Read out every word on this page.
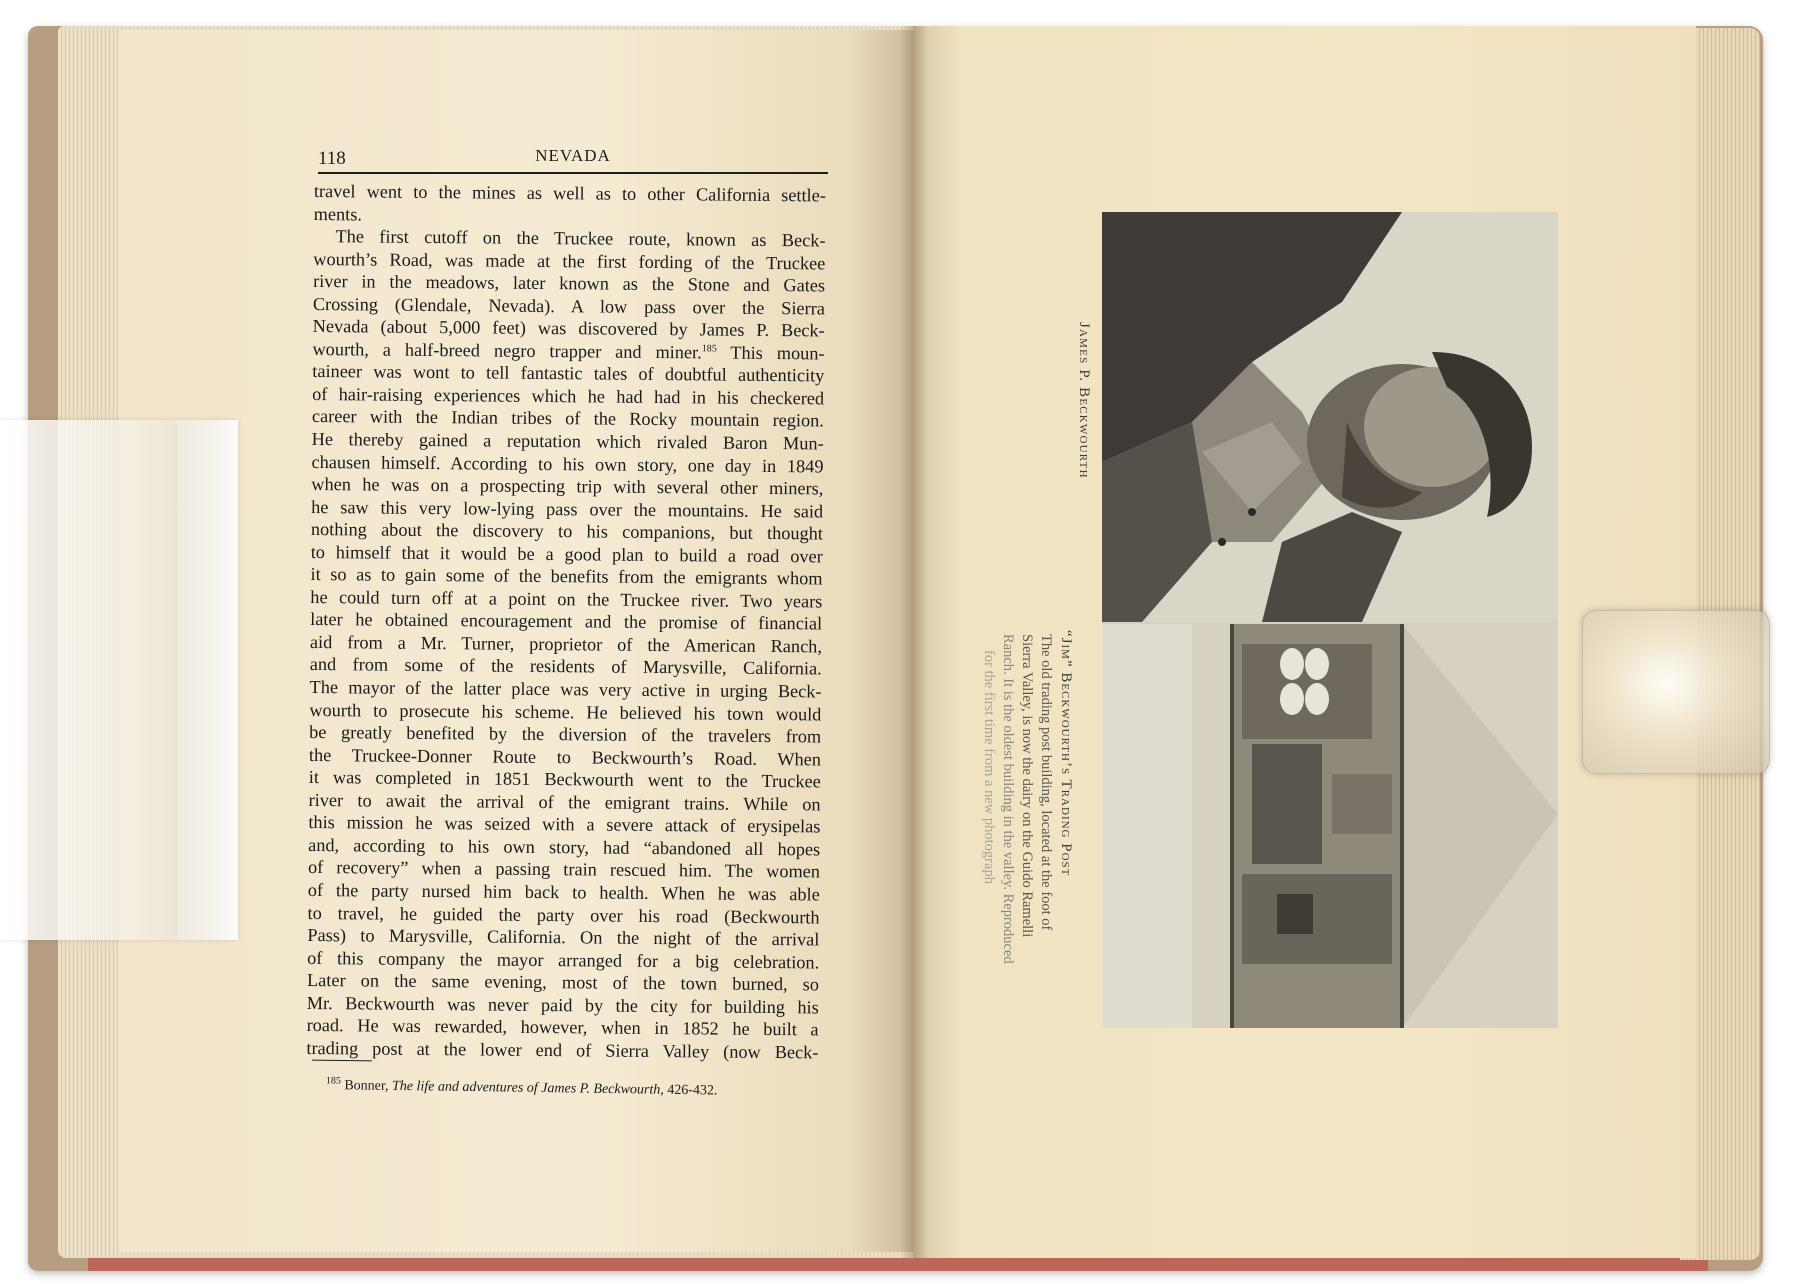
118	NEVADA
travel went to the mines as well as to other California settle-
ments.
The first cutoff on the Truckee route, known as Beck-
wourth’s Road, was made at the first fording of the Truckee
river in the meadows, later known as the Stone and Gates
Crossing (Glendale, Nevada). A low pass over the Sierra
Nevada (about 5,000 feet) was discovered by James P. Beck-
wourth, a half-breed negro trapper and miner.$^{185}$ This moun-
taineer was wont to tell fantastic tales of doubtful authenticity
of hair-raising experiences which he had had in his checkered
career with the Indian tribes of the Rocky mountain region.
He thereby gained a reputation which rivaled Baron Mun-
chausen himself. According to his own story, one day in 1849
when he was on a prospecting trip with several other miners,
he saw this very low-lying pass over the mountains. He said
nothing about the discovery to his companions, but thought
to himself that it would be a good plan to build a road over
it so as to gain some of the benefits from the emigrants whom
he could turn off at a point on the Truckee river. Two years
later he obtained encouragement and the promise of financial
aid from a Mr. Turner, proprietor of the American Ranch,
and from some of the residents of Marysville, California.
The mayor of the latter place was very active in urging Beck-
wourth to prosecute his scheme. He believed his town would
be greatly benefited by the diversion of the travelers from
the Truckee-Donner Route to Beckwourth’s Road. When
it was completed in 1851 Beckwourth went to the Truckee
river to await the arrival of the emigrant trains. While on
this mission he was seized with a severe attack of erysipelas
and, according to his own story, had “abandoned all hopes
of recovery” when a passing train rescued him. The women
of the party nursed him back to health. When he was able
to travel, he guided the party over his road (Beckwourth
Pass) to Marysville, California. On the night of the arrival
of this company the mayor arranged for a big celebration.
Later on the same evening, most of the town burned, so
Mr. Beckwourth was never paid by the city for building his
road. He was rewarded, however, when in 1852 he built a
trading post at the lower end of Sierra Valley (now Beck-
$^{185}$ Bonner, The life and adventures of James P. Beckwourth, 426-432.
James P. Beckwourth
“Jim” Beckwourth’s Trading Post
The old trading post building, located at the foot of
Sierra Valley, is now the dairy on the Guido Ramelli
Ranch. It is the oldest building in the valley. Reproduced
for the first time from a new photograph
